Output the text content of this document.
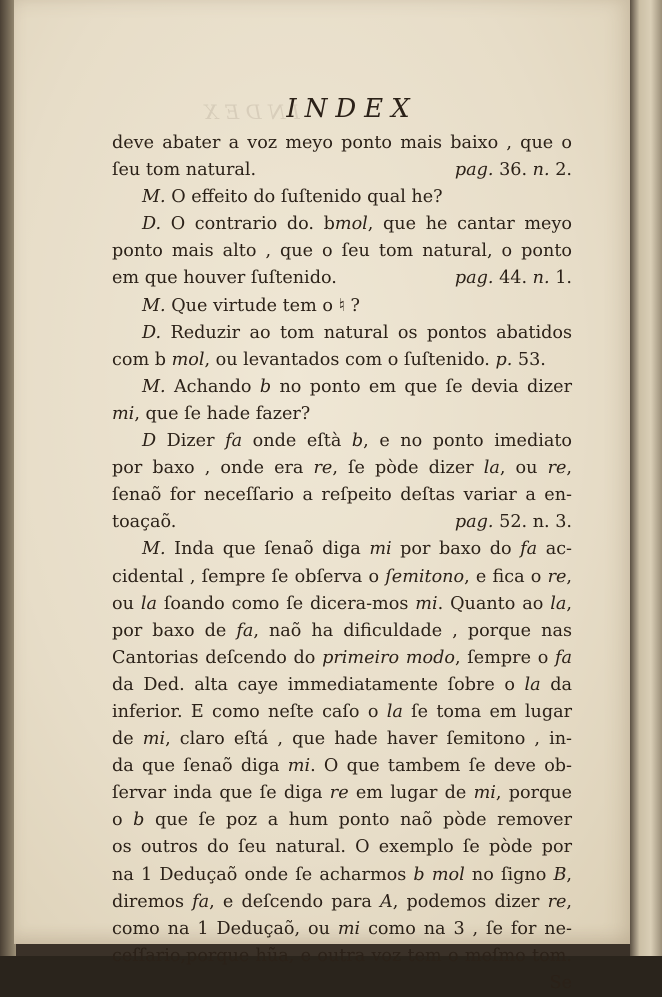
I N D E X
INDEX
deve abater a voz meyo ponto mais baixo , que o
ſeu tom natural.	pag. 36. n. 2.
M. O effeito do ſuſtenido qual he?
D. O contrario do. bmol, que he cantar meyo
ponto mais alto , que o ſeu tom natural, o ponto
em que houver ſuſtenido.	pag. 44. n. 1.
M. Que virtude tem o ♮ ?
D. Reduzir ao tom natural os pontos abatidos
com b mol, ou levantados com o ſuſtenido. p. 53.
M. Achando b no ponto em que ſe devia dizer
mi, que ſe hade fazer?
D Dizer fa onde eſtà b, e no ponto imediato
por baxo , onde era re, ſe pòde dizer la, ou re,
ſenaõ for neceſſario a reſpeito deſtas variar a en-
toaçaõ.	pag. 52. n. 3.
M. Inda que ſenaõ diga mi por baxo do fa ac-
cidental , ſempre ſe obſerva o ſemitono, e fica o re,
ou la ſoando como ſe dicera-mos mi. Quanto ao la,
por baxo de fa, naõ ha dificuldade , porque nas
Cantorias deſcendo do primeiro modo, ſempre o fa
da Ded. alta caye immediatamente ſobre o la da
inferior. E como neſte caſo o la ſe toma em lugar
de mi, claro eſtá , que hade haver ſemitono , in-
da que ſenaõ diga mi. O que tambem ſe deve ob-
ſervar inda que ſe diga re em lugar de mi, porque
o b que ſe poz a hum ponto naõ pòde remover
os outros do ſeu natural. O exemplo ſe pòde por
na 1 Deduçaõ onde ſe acharmos b mol no ſigno B,
diremos fa, e deſcendo para A, podemos dizer re,
como na 1 Deduçaõ, ou mi como na 3 , ſe for ne-
ceſſario,porque hũa, e outra voz tem o meſmo tom.
Se
